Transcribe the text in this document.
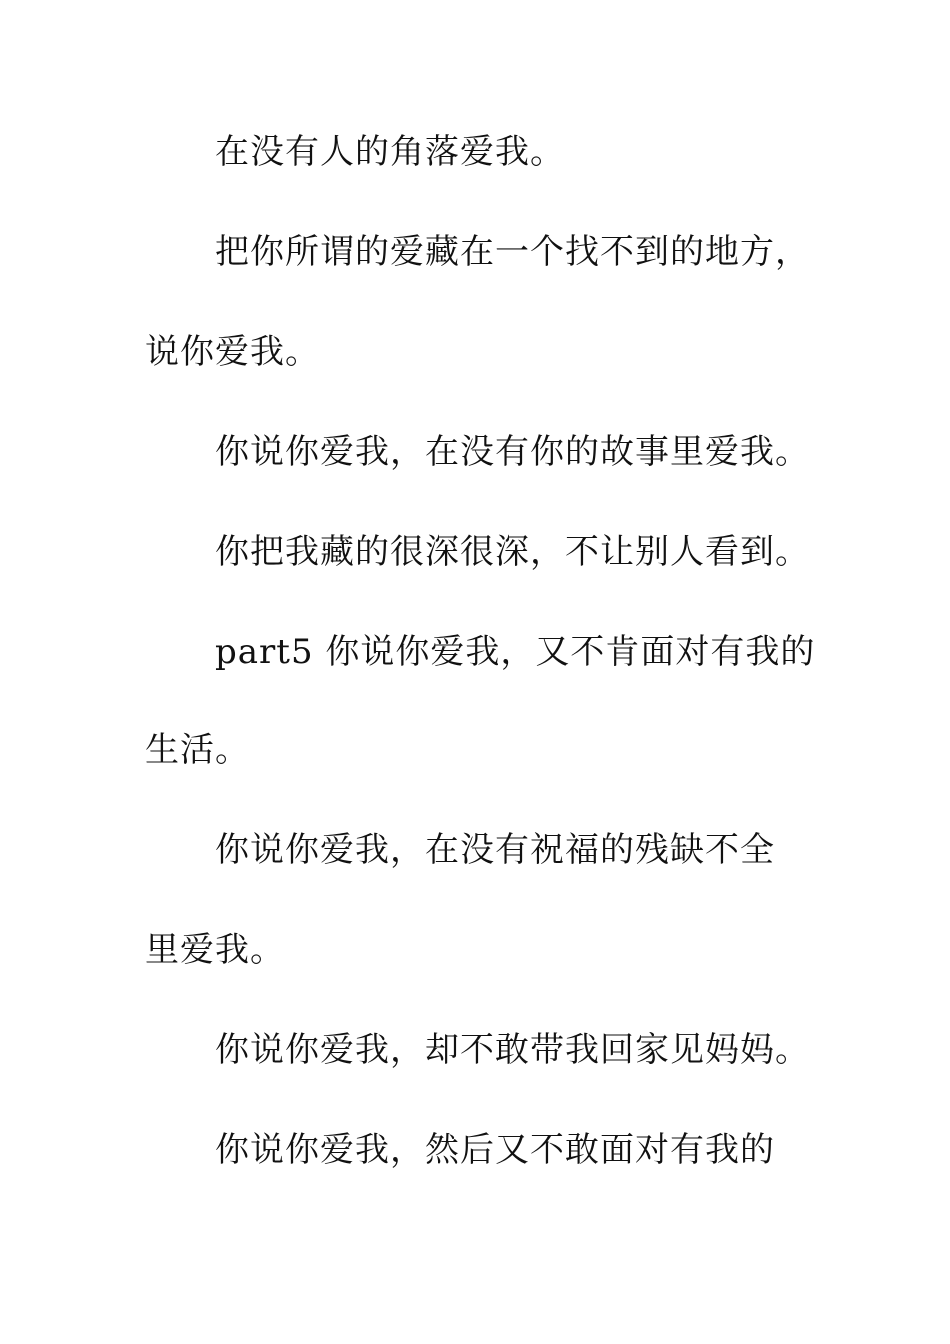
在没有人的角落爱我。

把你所谓的爱藏在一个找不到的地方，

说你爱我。

你说你爱我，在没有你的故事里爱我。

你把我藏的很深很深，不让别人看到。

part5 你说你爱我，又不肯面对有我的

生活。

你说你爱我，在没有祝福的残缺不全

里爱我。

你说你爱我，却不敢带我回家见妈妈。

你说你爱我，然后又不敢面对有我的
